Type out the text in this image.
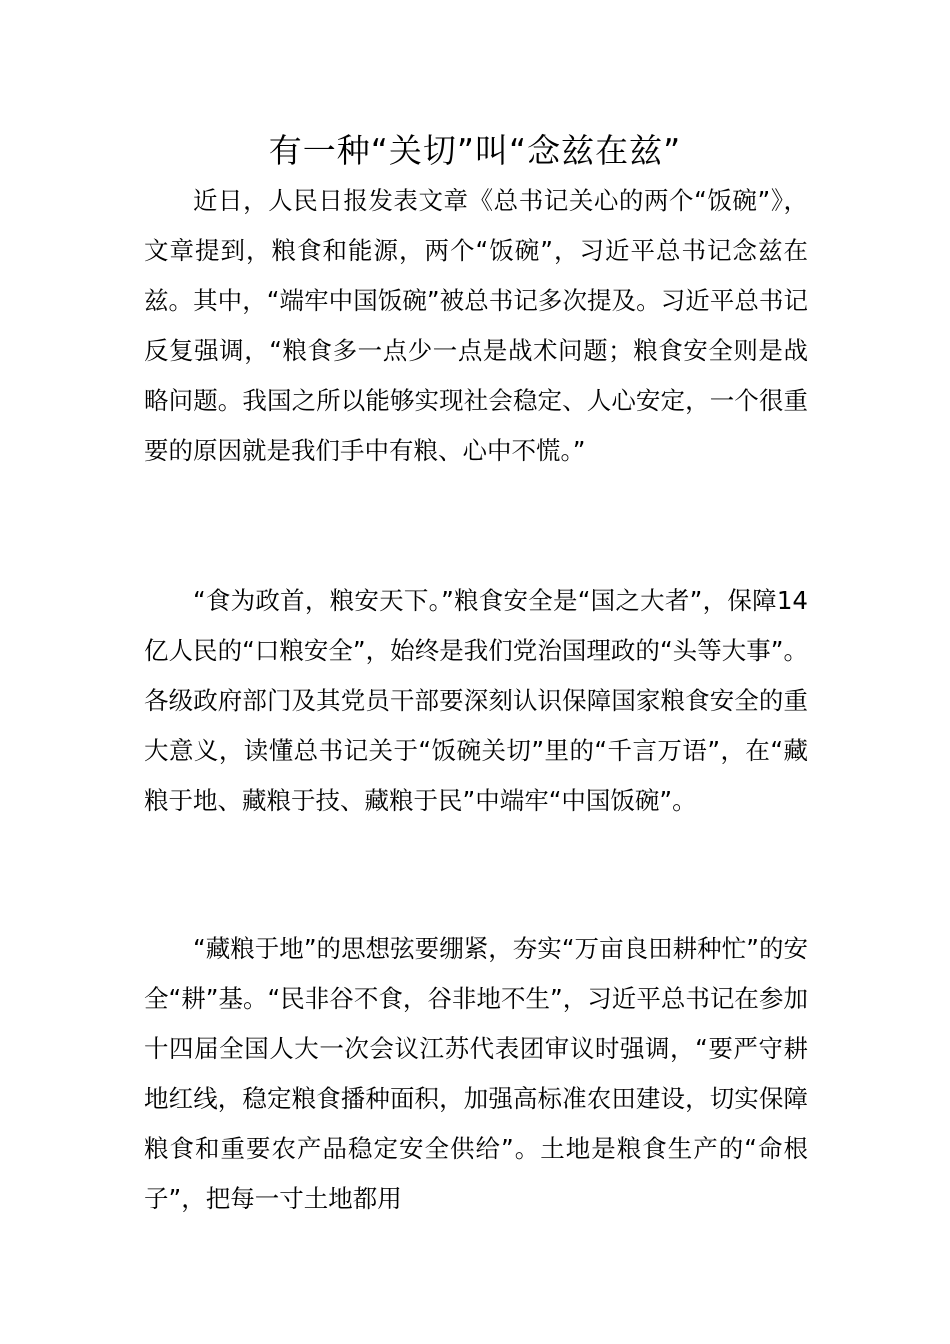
有一种“关切”叫“念兹在兹”

近日，人民日报发表文章《总书记关心的两个“饭碗”》，文章提到，粮食和能源，两个“饭碗”，习近平总书记念兹在兹。其中，“端牢中国饭碗”被总书记多次提及。习近平总书记反复强调，“粮食多一点少一点是战术问题；粮食安全则是战略问题。我国之所以能够实现社会稳定、人心安定，一个很重要的原因就是我们手中有粮、心中不慌。”

“食为政首，粮安天下。”粮食安全是“国之大者”，保障14亿人民的“口粮安全”，始终是我们党治国理政的“头等大事”。各级政府部门及其党员干部要深刻认识保障国家粮食安全的重大意义，读懂总书记关于“饭碗关切”里的“千言万语”，在“藏粮于地、藏粮于技、藏粮于民”中端牢“中国饭碗”。

“藏粮于地”的思想弦要绷紧，夯实“万亩良田耕种忙”的安全“耕”基。“民非谷不食，谷非地不生”，习近平总书记在参加十四届全国人大一次会议江苏代表团审议时强调，“要严守耕地红线，稳定粮食播种面积，加强高标准农田建设，切实保障粮食和重要农产品稳定安全供给”。土地是粮食生产的“命根子”，把每一寸土地都用
